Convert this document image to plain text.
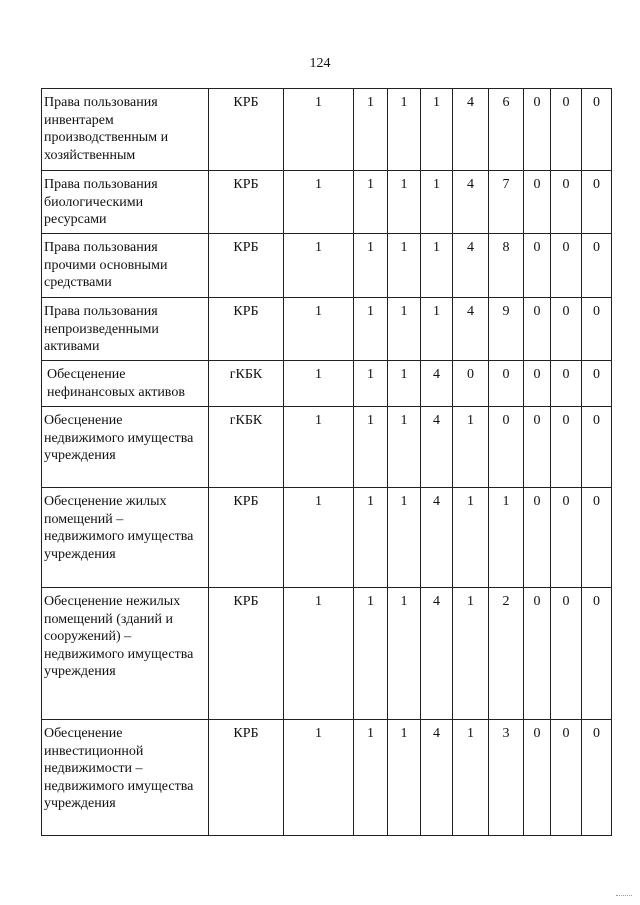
124
Права пользования инвентарем производственным и хозяйственным	КРБ	1	1	1	1	4	6	0	0	0
Права пользования биологическими ресурсами	КРБ	1	1	1	1	4	7	0	0	0
Права пользования прочими основными средствами	КРБ	1	1	1	1	4	8	0	0	0
Права пользования непроизведенными активами	КРБ	1	1	1	1	4	9	0	0	0
Обесценение нефинансовых активов	гКБК	1	1	1	4	0	0	0	0	0
Обесценение недвижимого имущества учреждения	гКБК	1	1	1	4	1	0	0	0	0
Обесценение жилых помещений – недвижимого имущества учреждения	КРБ	1	1	1	4	1	1	0	0	0
Обесценение нежилых помещений (зданий и сооружений) – недвижимого имущества учреждения	КРБ	1	1	1	4	1	2	0	0	0
Обесценение инвестиционной недвижимости – недвижимого имущества учреждения	КРБ	1	1	1	4	1	3	0	0	0
